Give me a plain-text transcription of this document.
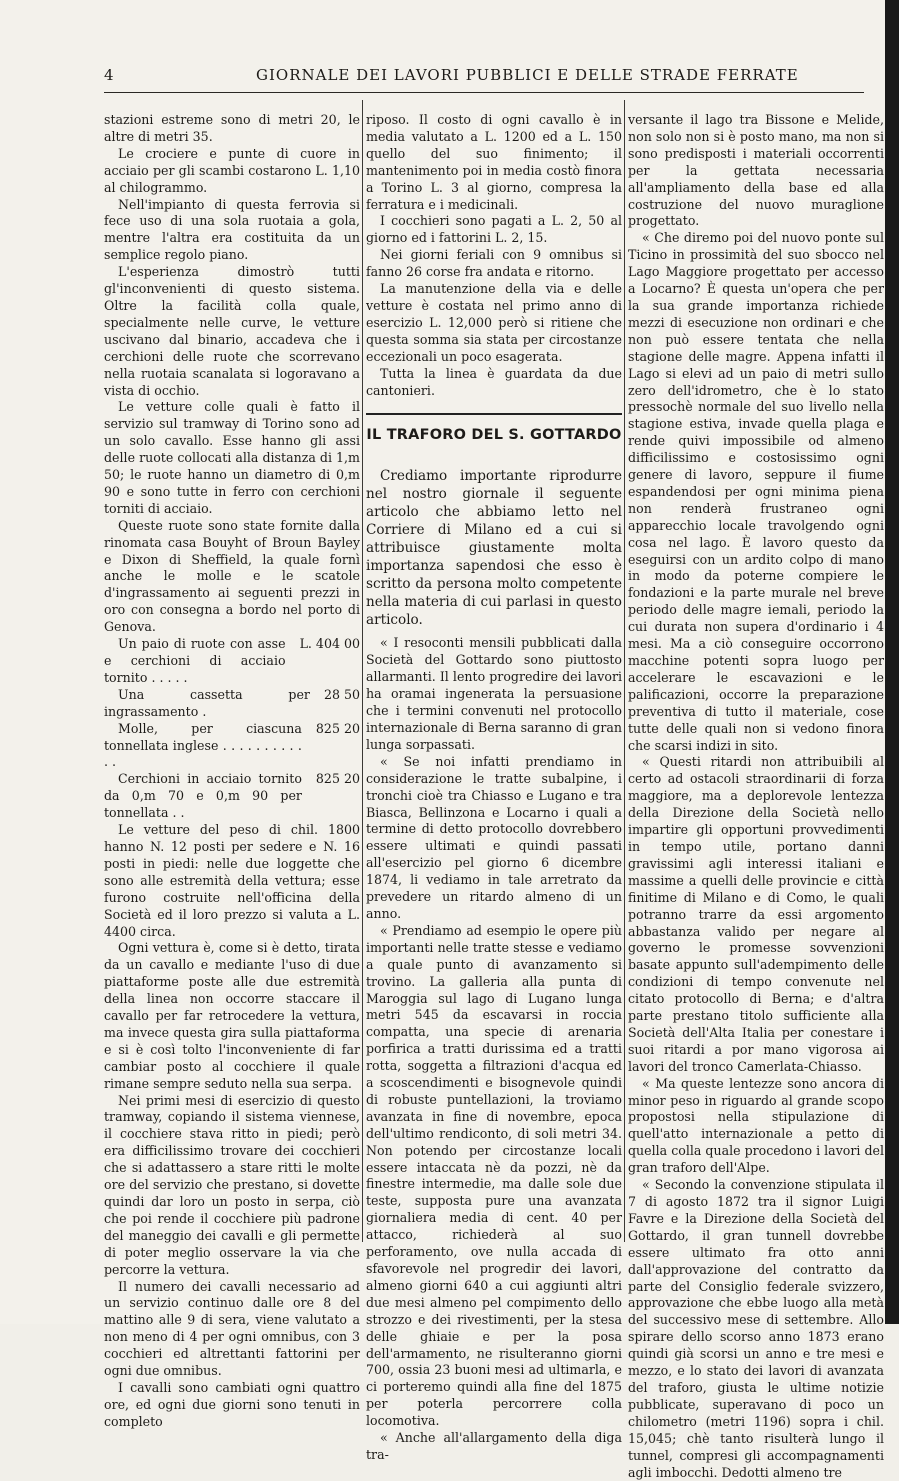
4	GIORNALE DEI LAVORI PUBBLICI E DELLE STRADE FERRATE

stazioni estreme sono di metri 20, le altre di metri 35.

Le crociere e punte di cuore in acciaio per gli scambi costarono L. 1,10 al chilogrammo.

Nell'impianto di questa ferrovia si fece uso di una sola ruotaia a gola, mentre l'altra era costituita da un semplice regolo piano.

L'esperienza dimostrò tutti gl'inconvenienti di questo sistema. Oltre la facilità colla quale, specialmente nelle curve, le vetture uscivano dal binario, accadeva che i cerchioni delle ruote che scorrevano nella ruotaia scanalata si logoravano a vista di occhio.

Le vetture colle quali è fatto il servizio sul tramway di Torino sono ad un solo cavallo. Esse hanno gli assi delle ruote collocati alla distanza di 1,m 50; le ruote hanno un diametro di 0,m 90 e sono tutte in ferro con cerchioni torniti di acciaio.

Queste ruote sono state fornite dalla rinomata casa Bouyht of Broun Bayley e Dixon di Sheffield, la quale fornì anche le molle e le scatole d'ingrassamento ai seguenti prezzi in oro con consegna a bordo nel porto di Genova.

Un paio di ruote con asse e cerchioni di acciaio tornito . . . . .
L. 404 00

Una cassetta per ingrassamento .
28 50

Molle, per ciascuna tonnellata inglese . . . . . . . . . . . .
825 20

Cerchioni in acciaio tornito da 0,m 70 e 0,m 90 per tonnellata . .
825 20

Le vetture del peso di chil. 1800 hanno N. 12 posti per sedere e N. 16 posti in piedi: nelle due loggette che sono alle estremità della vettura; esse furono costruite nell'officina della Società ed il loro prezzo si valuta a L. 4400 circa.

Ogni vettura è, come si è detto, tirata da un cavallo e mediante l'uso di due piattaforme poste alle due estremità della linea non occorre staccare il cavallo per far retrocedere la vettura, ma invece questa gira sulla piattaforma e si è così tolto l'inconveniente di far cambiar posto al cocchiere il quale rimane sempre seduto nella sua serpa.

Nei primi mesi di esercizio di questo tramway, copiando il sistema viennese, il cocchiere stava ritto in piedi; però era difficilissimo trovare dei cocchieri che si adattassero a stare ritti le molte ore del servizio che prestano, si dovette quindi dar loro un posto in serpa, ciò che poi rende il cocchiere più padrone del maneggio dei cavalli e gli permette di poter meglio osservare la via che percorre la vettura.

Il numero dei cavalli necessario ad un servizio continuo dalle ore 8 del mattino alle 9 di sera, viene valutato a non meno di 4 per ogni omnibus, con 3 cocchieri ed altrettanti fattorini per ogni due omnibus.

I cavalli sono cambiati ogni quattro ore, ed ogni due giorni sono tenuti in completo

riposo. Il costo di ogni cavallo è in media valutato a L. 1200 ed a L. 150 quello del suo finimento; il mantenimento poi in media costò finora a Torino L. 3 al giorno, compresa la ferratura e i medicinali.

I cocchieri sono pagati a L. 2, 50 al giorno ed i fattorini L. 2, 15.

Nei giorni feriali con 9 omnibus si fanno 26 corse fra andata e ritorno.

La manutenzione della via e delle vetture è costata nel primo anno di esercizio L. 12,000 però si ritiene che questa somma sia stata per circostanze eccezionali un poco esagerata.

Tutta la linea è guardata da due cantonieri.

IL TRAFORO DEL S. GOTTARDO

Crediamo importante riprodurre nel nostro giornale il seguente articolo che abbiamo letto nel Corriere di Milano ed a cui si attribuisce giustamente molta importanza sapendosi che esso è scritto da persona molto competente nella materia di cui parlasi in questo articolo.

« I resoconti mensili pubblicati dalla Società del Gottardo sono piuttosto allarmanti. Il lento progredire dei lavori ha oramai ingenerata la persuasione che i termini convenuti nel protocollo internazionale di Berna saranno di gran lunga sorpassati.

« Se noi infatti prendiamo in considerazione le tratte subalpine, i tronchi cioè tra Chiasso e Lugano e tra Biasca, Bellinzona e Locarno i quali a termine di detto protocollo dovrebbero essere ultimati e quindi passati all'esercizio pel giorno 6 dicembre 1874, li vediamo in tale arretrato da prevedere un ritardo almeno di un anno.

« Prendiamo ad esempio le opere più importanti nelle tratte stesse e vediamo a quale punto di avanzamento si trovino. La galleria alla punta di Maroggia sul lago di Lugano lunga metri 545 da escavarsi in roccia compatta, una specie di arenaria porfirica a tratti durissima ed a tratti rotta, soggetta a filtrazioni d'acqua ed a scoscendimenti e bisognevole quindi di robuste puntellazioni, la troviamo avanzata in fine di novembre, epoca dell'ultimo rendiconto, di soli metri 34. Non potendo per circostanze locali essere intaccata nè da pozzi, nè da finestre intermedie, ma dalle sole due teste, supposta pure una avanzata giornaliera media di cent. 40 per attacco, richiederà al suo perforamento, ove nulla accada di sfavorevole nel progredir dei lavori, almeno giorni 640 a cui aggiunti altri due mesi almeno pel compimento dello strozzo e dei rivestimenti, per la stesa delle ghiaie e per la posa dell'armamento, ne risulteranno giorni 700, ossia 23 buoni mesi ad ultimarla, e ci porteremo quindi alla fine del 1875 per poterla percorrere colla locomotiva.

« Anche all'allargamento della diga tra-

versante il lago tra Bissone e Melide, non solo non si è posto mano, ma non si sono predisposti i materiali occorrenti per la gettata necessaria all'ampliamento della base ed alla costruzione del nuovo muraglione progettato.

« Che diremo poi del nuovo ponte sul Ticino in prossimità del suo sbocco nel Lago Maggiore progettato per accesso a Locarno? È questa un'opera che per la sua grande importanza richiede mezzi di esecuzione non ordinari e che non può essere tentata che nella stagione delle magre. Appena infatti il Lago si elevi ad un paio di metri sullo zero dell'idrometro, che è lo stato pressochè normale del suo livello nella stagione estiva, invade quella plaga e rende quivi impossibile od almeno difficilissimo e costosissimo ogni genere di lavoro, seppure il fiume espandendosi per ogni minima piena non renderà frustraneo ogni apparecchio locale travolgendo ogni cosa nel lago. È lavoro questo da eseguirsi con un ardito colpo di mano in modo da poterne compiere le fondazioni e la parte murale nel breve periodo delle magre iemali, periodo la cui durata non supera d'ordinario i 4 mesi. Ma a ciò conseguire occorrono macchine potenti sopra luogo per accelerare le escavazioni e le palificazioni, occorre la preparazione preventiva di tutto il materiale, cose tutte delle quali non si vedono finora che scarsi indizi in sito.

« Questi ritardi non attribuibili al certo ad ostacoli straordinarii di forza maggiore, ma a deplorevole lentezza della Direzione della Società nello impartire gli opportuni provvedimenti in tempo utile, portano danni gravissimi agli interessi italiani e massime a quelli delle provincie e città finitime di Milano e di Como, le quali potranno trarre da essi argomento abbastanza valido per negare al governo le promesse sovvenzioni basate appunto sull'adempimento delle condizioni di tempo convenute nel citato protocollo di Berna; e d'altra parte prestano titolo sufficiente alla Società dell'Alta Italia per conestare i suoi ritardi a por mano vigorosa ai lavori del tronco Camerlata-Chiasso.

« Ma queste lentezze sono ancora di minor peso in riguardo al grande scopo propostosi nella stipulazione di quell'atto internazionale a petto di quella colla quale procedono i lavori del gran traforo dell'Alpe.

« Secondo la convenzione stipulata il 7 di agosto 1872 tra il signor Luigi Favre e la Direzione della Società del Gottardo, il gran tunnell dovrebbe essere ultimato fra otto anni dall'approvazione del contratto da parte del Consiglio federale svizzero, approvazione che ebbe luogo alla metà del successivo mese di settembre. Allo spirare dello scorso anno 1873 erano quindi già scorsi un anno e tre mesi e mezzo, e lo stato dei lavori di avanzata del traforo, giusta le ultime notizie pubblicate, superavano di poco un chilometro (metri 1196) sopra i chil. 15,045; chè tanto risulterà lungo il tunnel, compresi gli accompagnamenti agli imbocchi. Dedotti almeno tre
